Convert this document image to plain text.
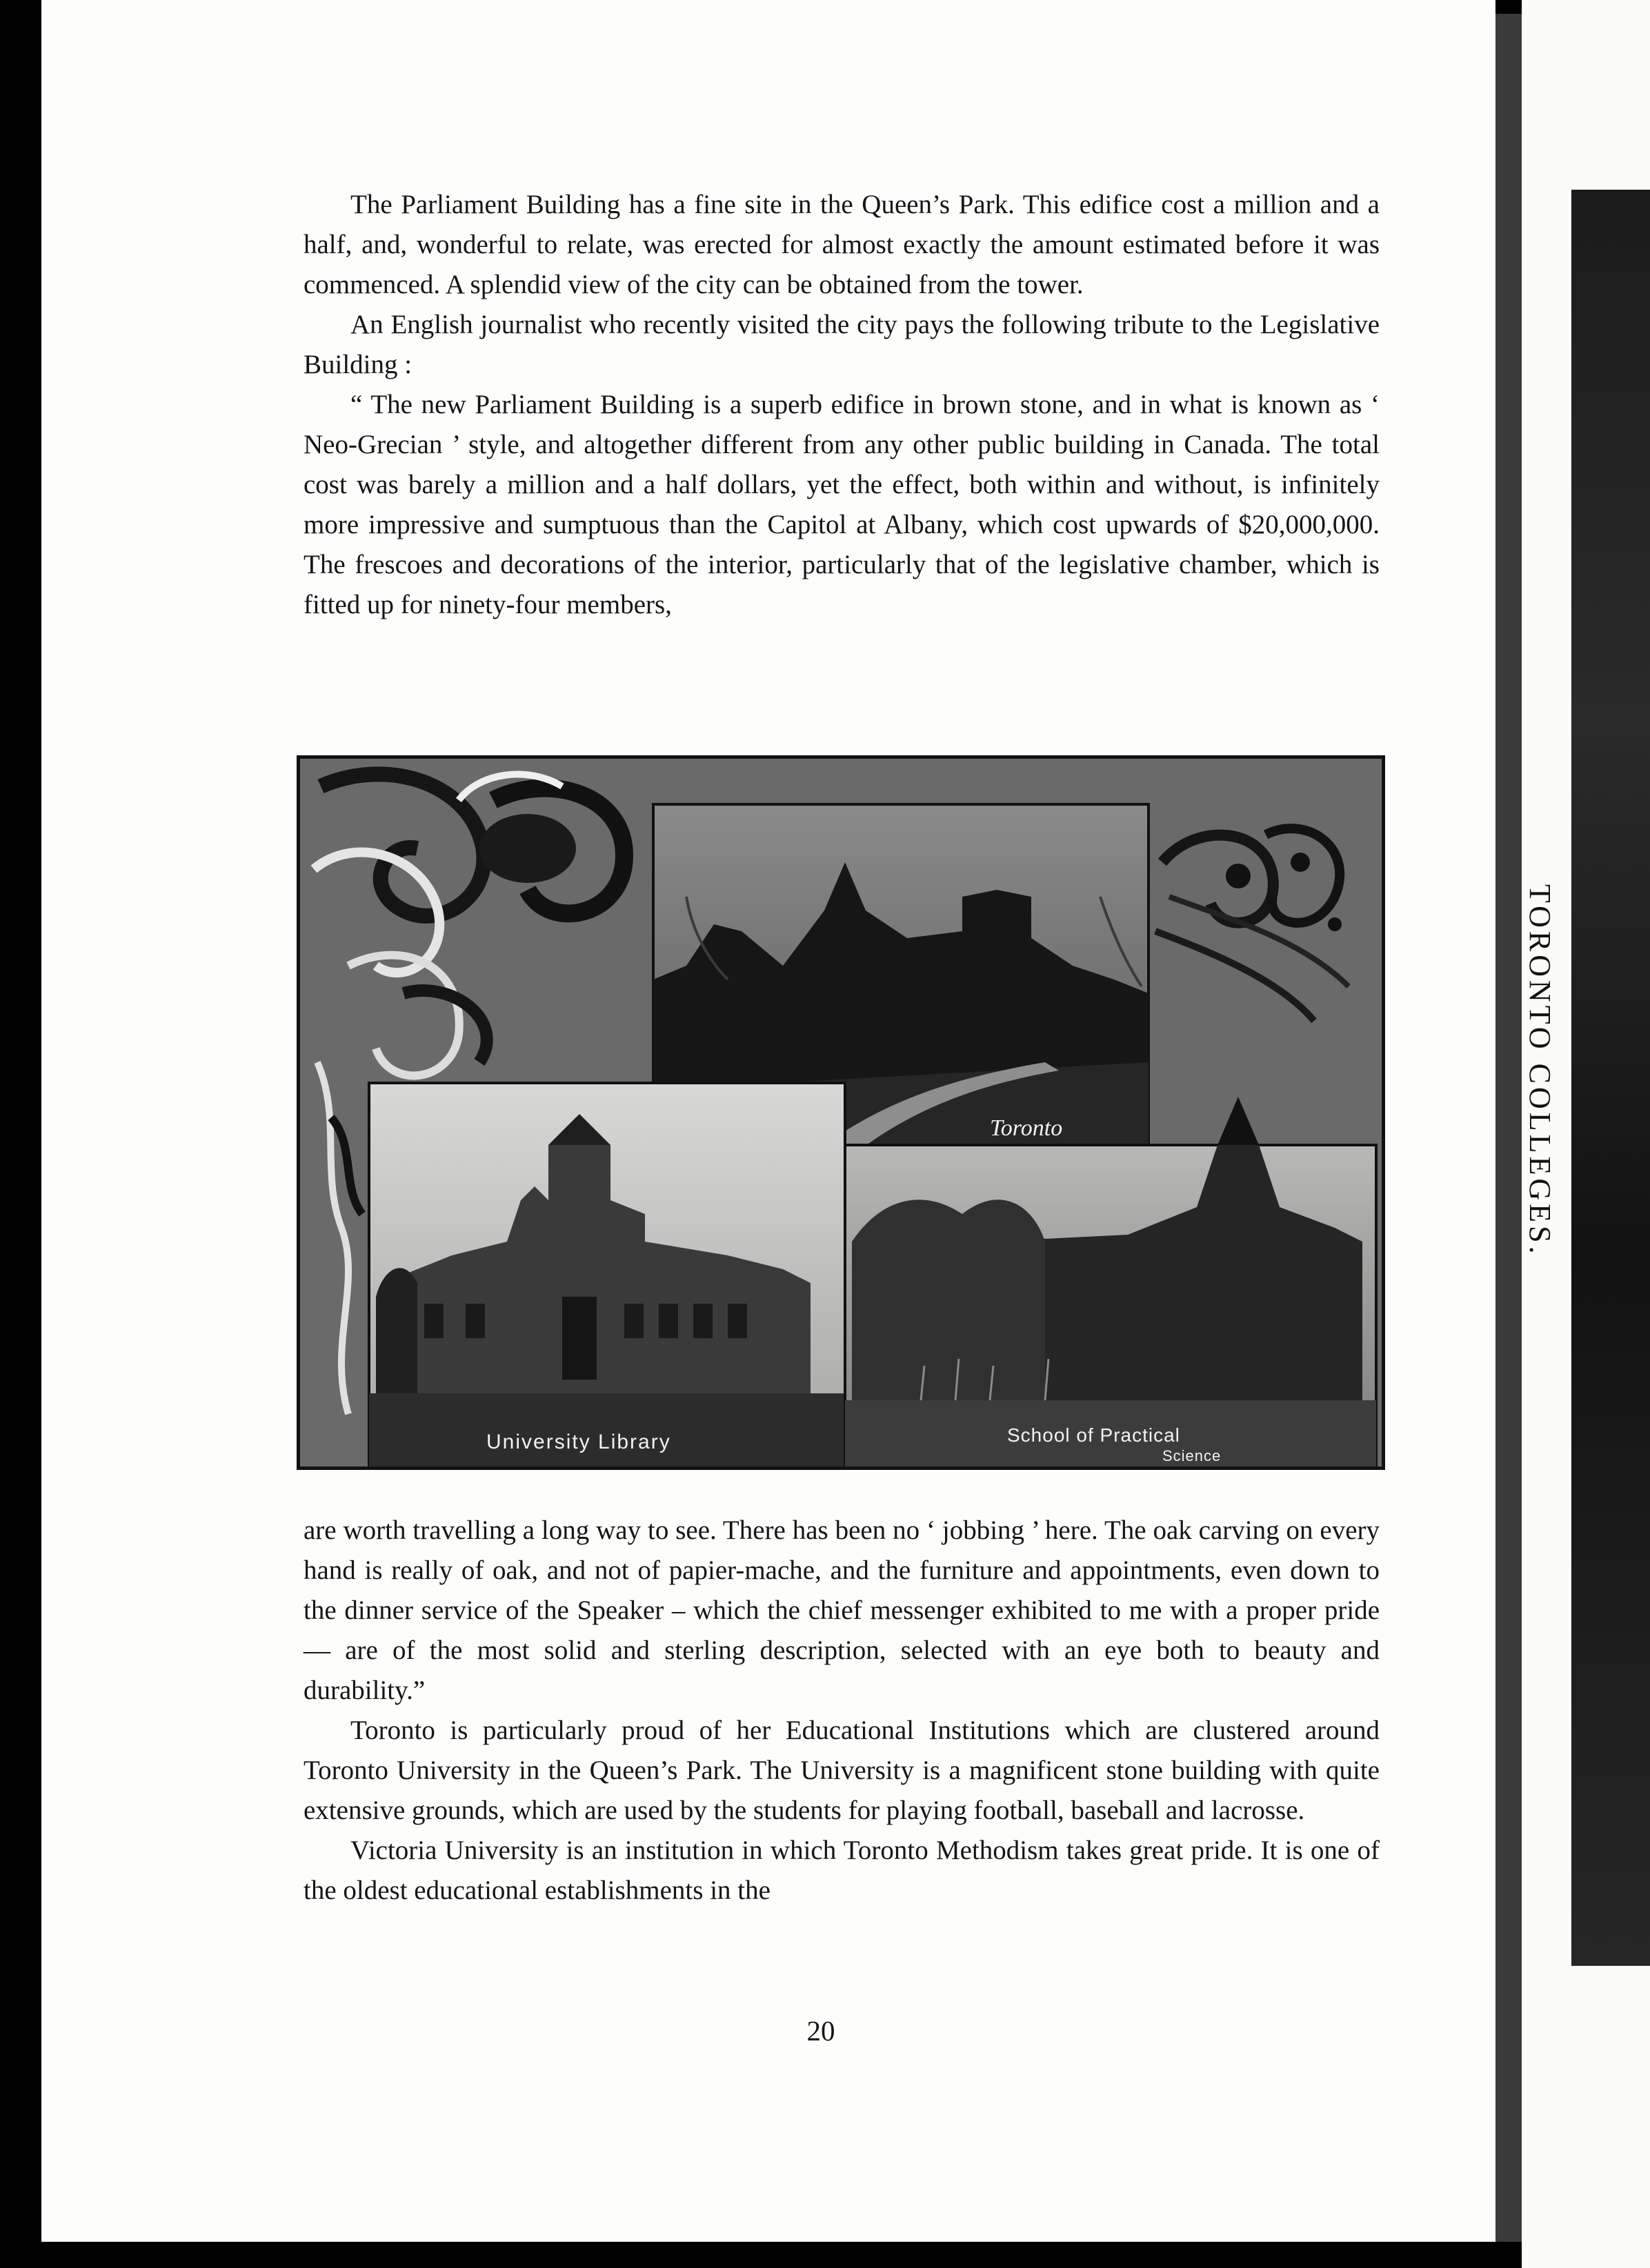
TORONTO COLLEGES.

The Parliament Building has a fine site in the Queen’s Park. This edifice cost a million and a half, and, wonderful to relate, was erected for almost exactly the amount estimated before it was commenced. A splendid view of the city can be obtained from the tower.

An English journalist who recently visited the city pays the following tribute to the Legislative Building :

“ The new Parliament Building is a superb edifice in brown stone, and in what is known as ‘ Neo-Grecian ’ style, and altogether different from any other public building in Canada. The total cost was barely a million and a half dollars, yet the effect, both within and without, is infinitely more impressive and sumptuous than the Capitol at Albany, which cost upwards of $20,000,000. The frescoes and decorations of the interior, particularly that of the legislative chamber, which is fitted up for ninety-four members,

Toronto
University Library	School of Practical
Science

are worth travelling a long way to see. There has been no ‘ jobbing ’ here. The oak carving on every hand is really of oak, and not of papier-mache, and the furniture and appointments, even down to the dinner service of the Speaker – which the chief messenger exhibited to me with a proper pride— are of the most solid and sterling description, selected with an eye both to beauty and durability.”

Toronto is particularly proud of her Educational Institutions which are clustered around Toronto University in the Queen’s Park. The University is a magnificent stone building with quite extensive grounds, which are used by the students for playing football, baseball and lacrosse.

Victoria University is an institution in which Toronto Methodism takes great pride. It is one of the oldest educational establishments in the

20
